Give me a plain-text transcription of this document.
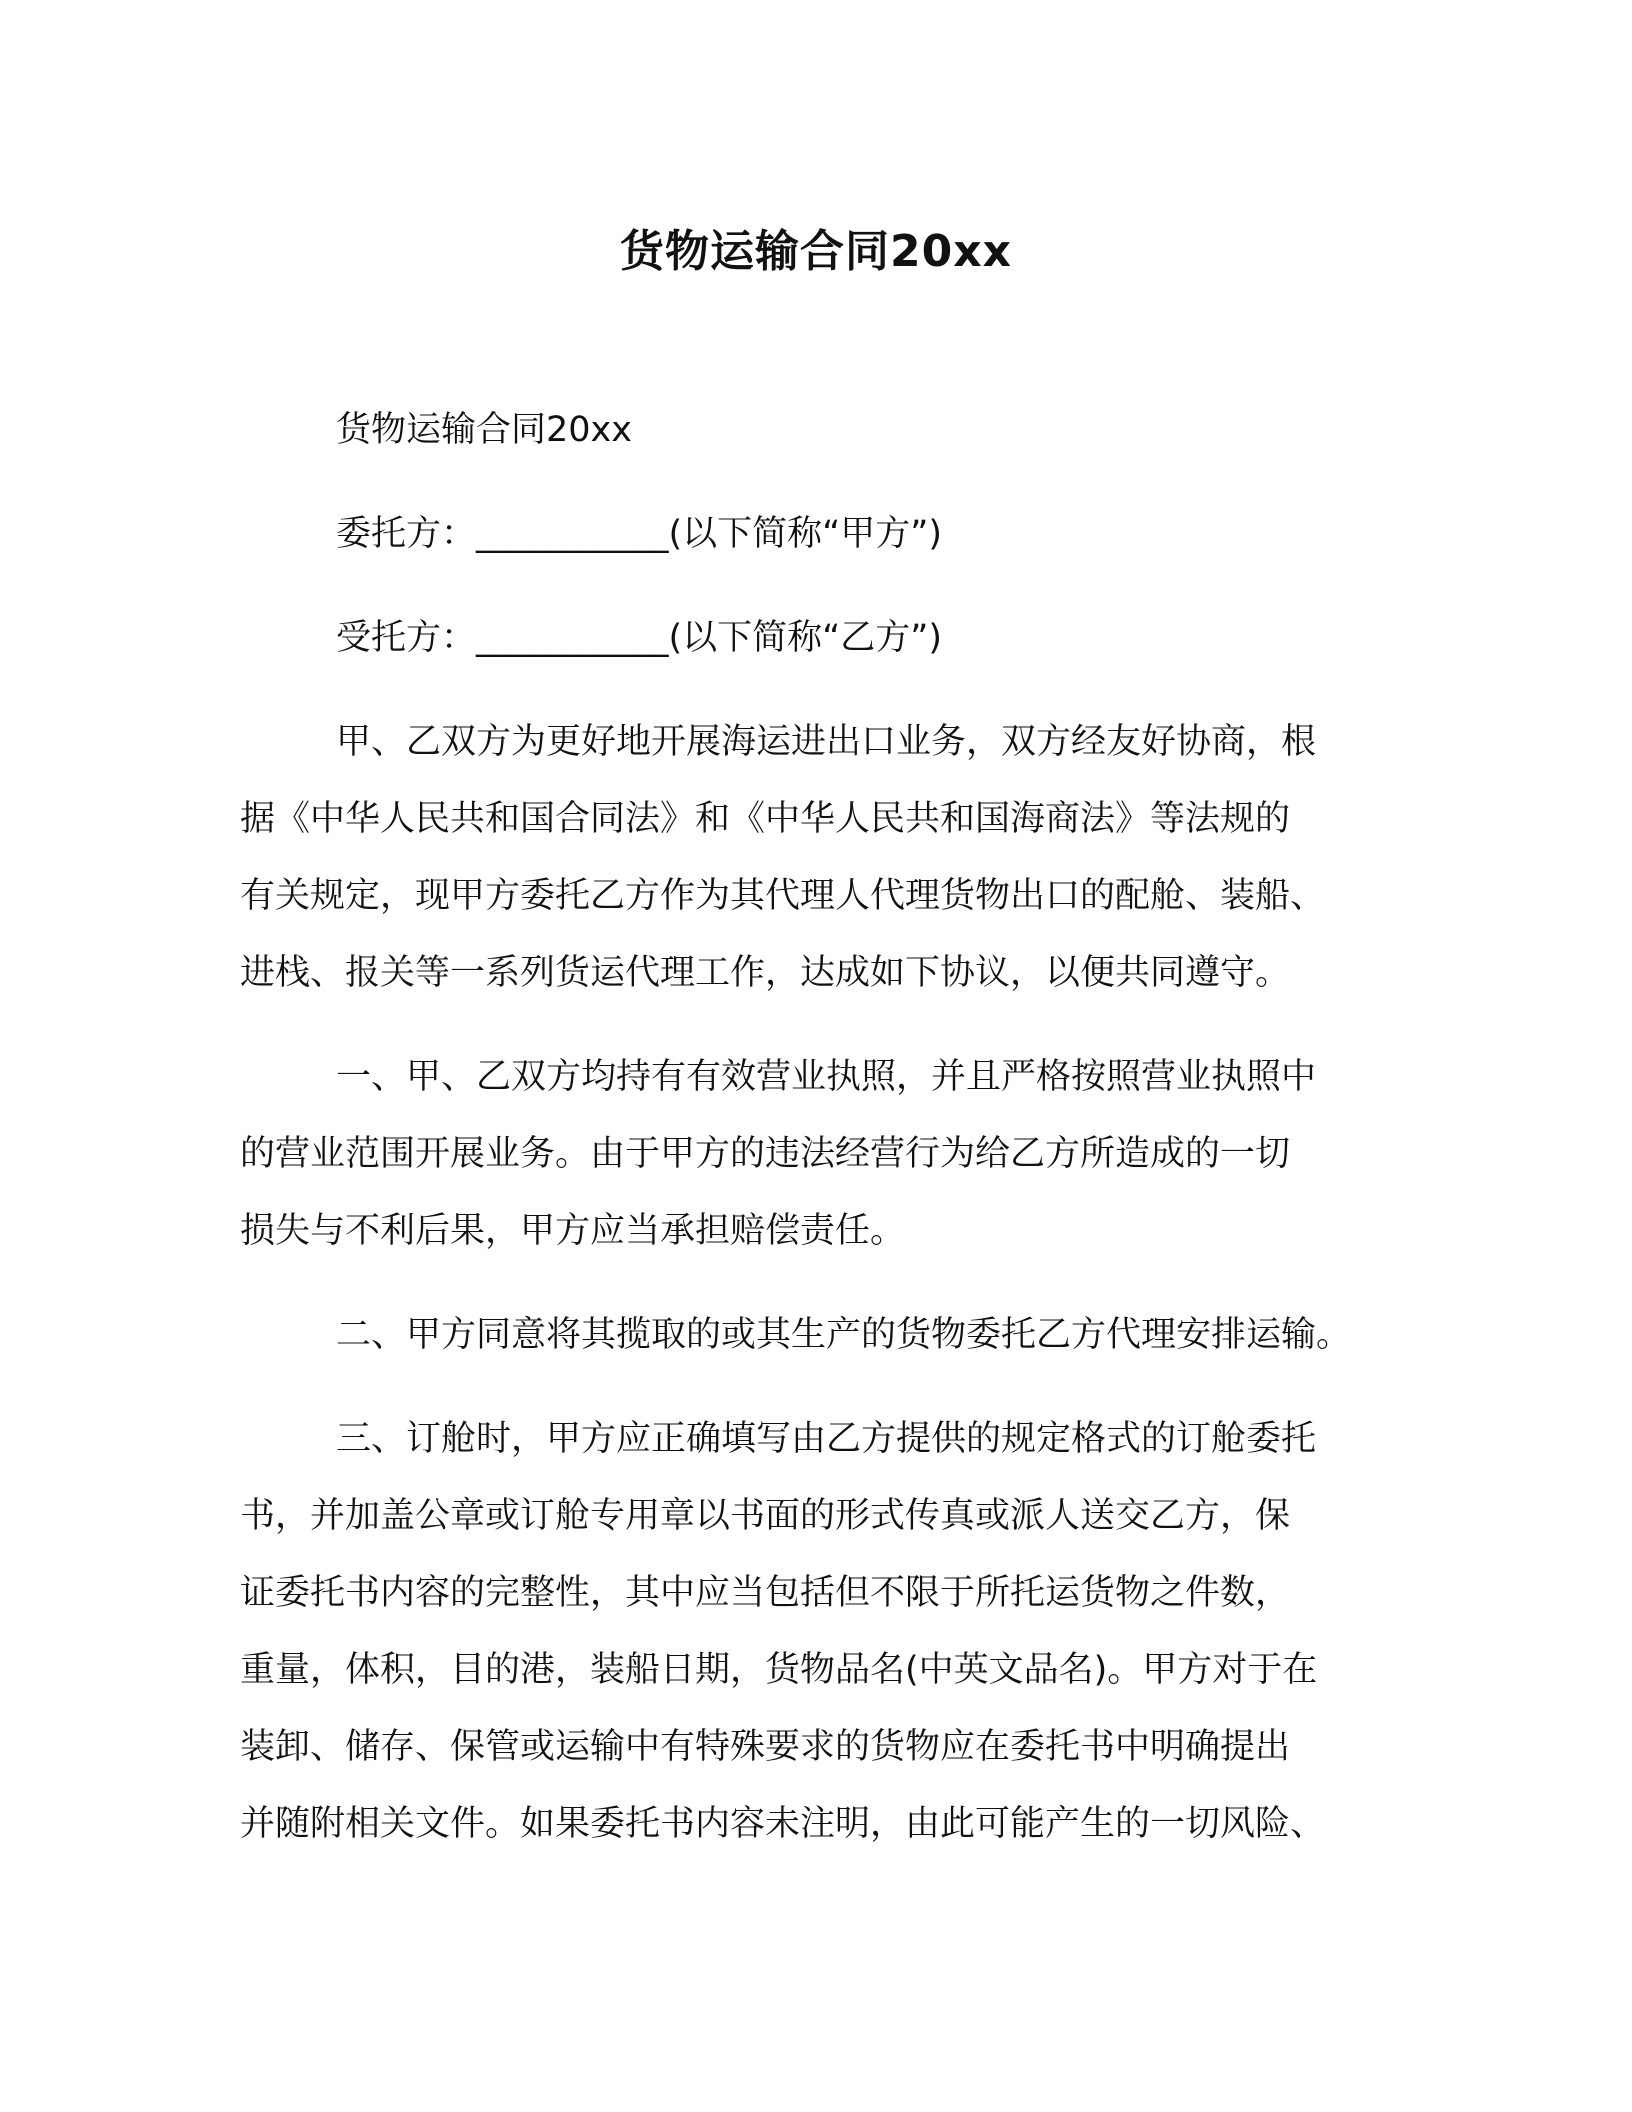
货物运输合同20xx
货物运输合同20xx
委托方：___________(以下简称“甲方”)
受托方：___________(以下简称“乙方”)
甲、乙双方为更好地开展海运进出口业务，双方经友好协商，根
据《中华人民共和国合同法》和《中华人民共和国海商法》等法规的
有关规定，现甲方委托乙方作为其代理人代理货物出口的配舱、装船、
进栈、报关等一系列货运代理工作，达成如下协议，以便共同遵守。
一、甲、乙双方均持有有效营业执照，并且严格按照营业执照中
的营业范围开展业务。由于甲方的违法经营行为给乙方所造成的一切
损失与不利后果，甲方应当承担赔偿责任。
二、甲方同意将其揽取的或其生产的货物委托乙方代理安排运输。
三、订舱时，甲方应正确填写由乙方提供的规定格式的订舱委托
书，并加盖公章或订舱专用章以书面的形式传真或派人送交乙方，保
证委托书内容的完整性，其中应当包括但不限于所托运货物之件数，
重量，体积，目的港，装船日期，货物品名(中英文品名)。甲方对于在
装卸、储存、保管或运输中有特殊要求的货物应在委托书中明确提出
并随附相关文件。如果委托书内容未注明，由此可能产生的一切风险、
